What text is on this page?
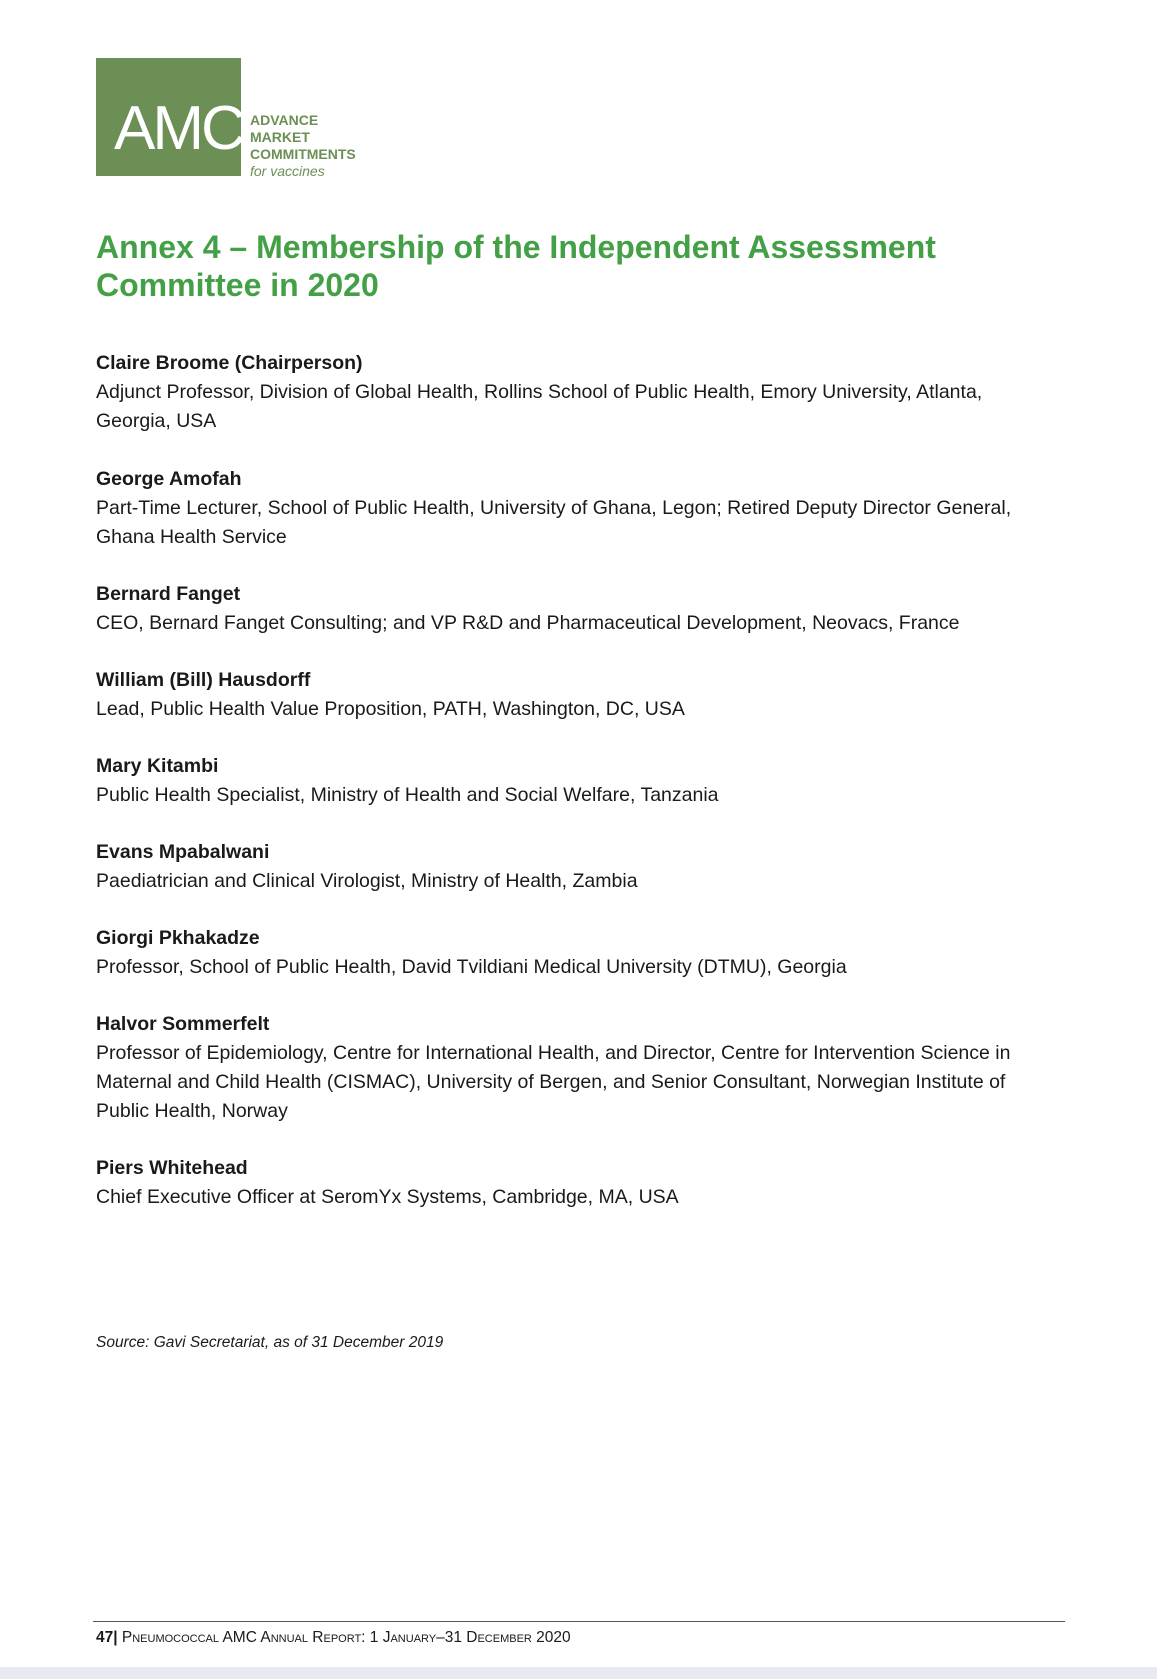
AMC ADVANCE
MARKET
COMMITMENTS
for vaccines
Annex 4 – Membership of the Independent Assessment Committee in 2020
Claire Broome (Chairperson)
Adjunct Professor, Division of Global Health, Rollins School of Public Health, Emory University, Atlanta, Georgia, USA
George Amofah
Part-Time Lecturer, School of Public Health, University of Ghana, Legon; Retired Deputy Director General, Ghana Health Service
Bernard Fanget
CEO, Bernard Fanget Consulting; and VP R&D and Pharmaceutical Development, Neovacs, France
William (Bill) Hausdorff
Lead, Public Health Value Proposition, PATH, Washington, DC, USA
Mary Kitambi
Public Health Specialist, Ministry of Health and Social Welfare, Tanzania
Evans Mpabalwani
Paediatrician and Clinical Virologist, Ministry of Health, Zambia
Giorgi Pkhakadze
Professor, School of Public Health, David Tvildiani Medical University (DTMU), Georgia
Halvor Sommerfelt
Professor of Epidemiology, Centre for International Health, and Director, Centre for Intervention Science in Maternal and Child Health (CISMAC), University of Bergen, and Senior Consultant, Norwegian Institute of Public Health, Norway
Piers Whitehead
Chief Executive Officer at SeromYx Systems, Cambridge, MA, USA
Source: Gavi Secretariat, as of 31 December 2019
47| Pneumococcal AMC Annual Report: 1 January–31 December 2020
